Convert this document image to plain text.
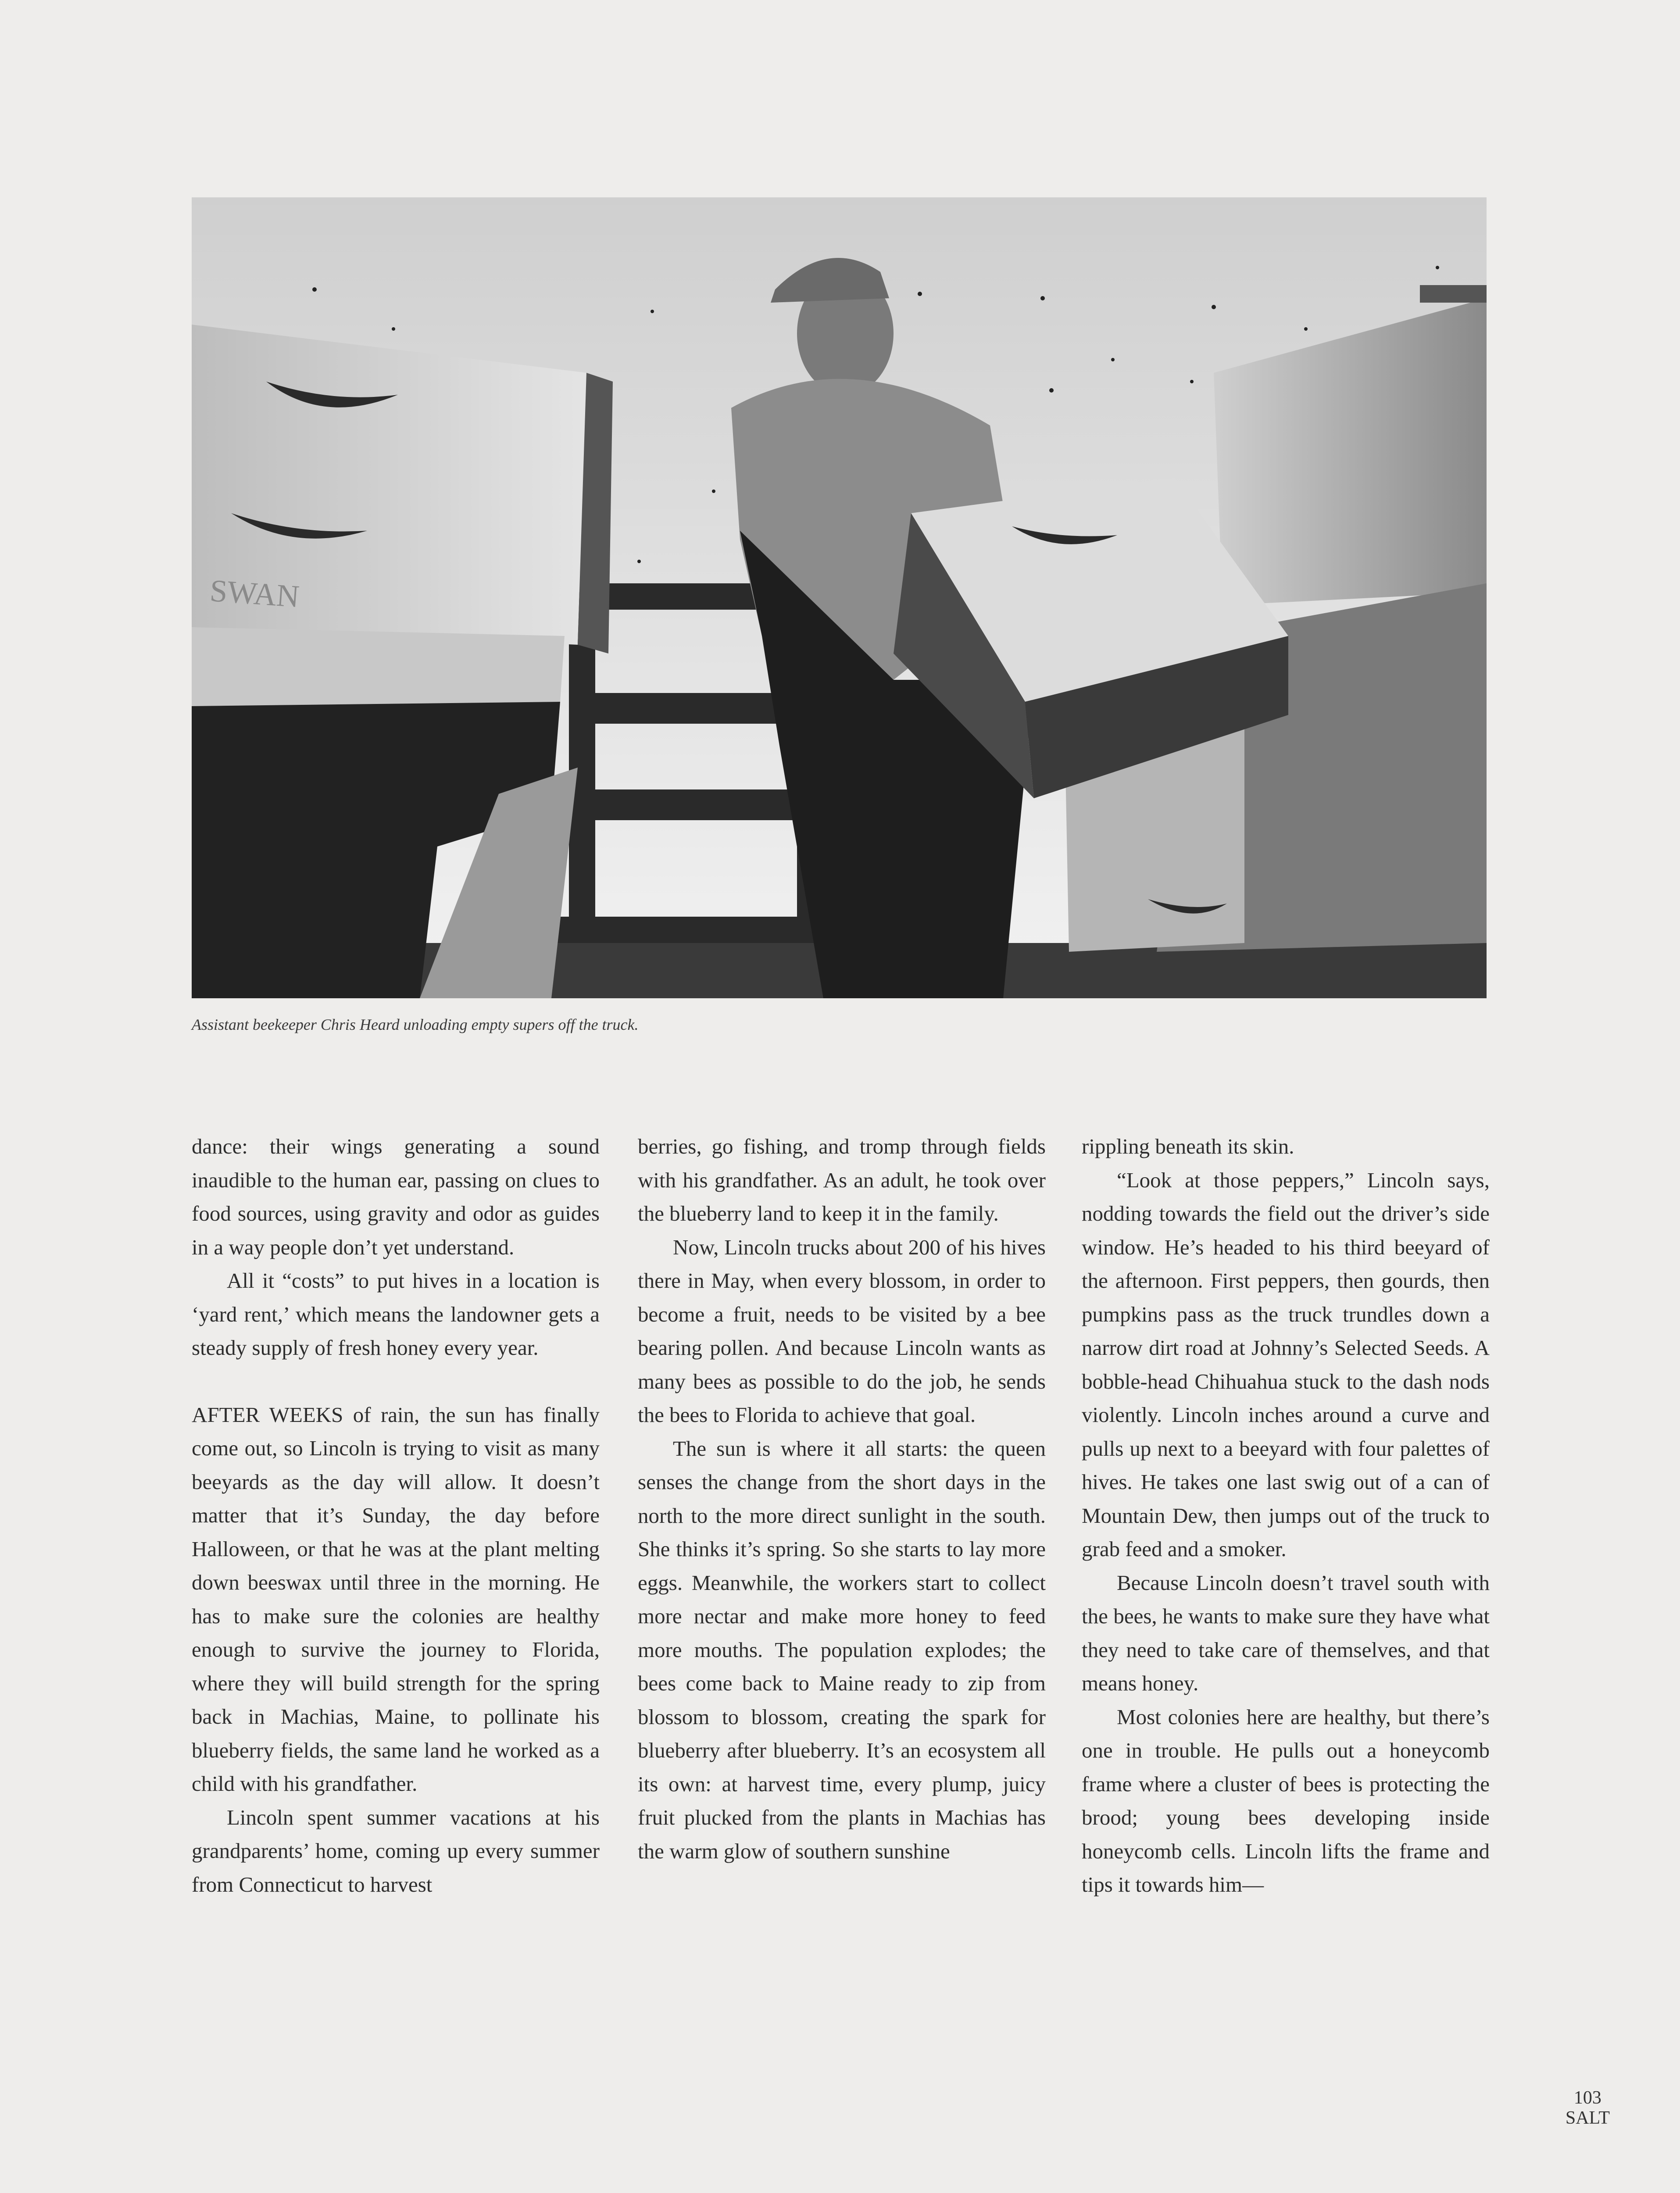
SWAN
Assistant beekeeper Chris Heard unloading empty supers off the truck.

dance: their wings generating a sound inaudible to the human ear, passing on clues to food sources, using gravity and odor as guides in a way people don’t yet understand.

All it “costs” to put hives in a location is ‘yard rent,’ which means the landowner gets a steady supply of fresh honey every year.

AFTER WEEKS of rain, the sun has finally come out, so Lincoln is trying to visit as many beeyards as the day will allow. It doesn’t matter that it’s Sunday, the day before Halloween, or that he was at the plant melting down beeswax until three in the morning. He has to make sure the colonies are healthy enough to survive the journey to Florida, where they will build strength for the spring back in Machias, Maine, to pollinate his blueberry fields, the same land he worked as a child with his grandfather.

Lincoln spent summer vacations at his grandparents’ home, coming up every summer from Connecticut to harvest

berries, go fishing, and tromp through fields with his grandfather. As an adult, he took over the blueberry land to keep it in the family.

Now, Lincoln trucks about 200 of his hives there in May, when every blossom, in order to become a fruit, needs to be visited by a bee bearing pollen. And because Lincoln wants as many bees as possible to do the job, he sends the bees to Florida to achieve that goal.

The sun is where it all starts: the queen senses the change from the short days in the north to the more direct sunlight in the south. She thinks it’s spring. So she starts to lay more eggs. Meanwhile, the workers start to collect more nectar and make more honey to feed more mouths. The population explodes; the bees come back to Maine ready to zip from blossom to blossom, creating the spark for blueberry after blueberry. It’s an ecosystem all its own: at harvest time, every plump, juicy fruit plucked from the plants in Machias has the warm glow of southern sunshine

rippling beneath its skin.

“Look at those peppers,” Lincoln says, nodding towards the field out the driver’s side window. He’s headed to his third beeyard of the afternoon. First peppers, then gourds, then pumpkins pass as the truck trundles down a narrow dirt road at Johnny’s Selected Seeds. A bobble-head Chihuahua stuck to the dash nods violently. Lincoln inches around a curve and pulls up next to a beeyard with four palettes of hives. He takes one last swig out of a can of Mountain Dew, then jumps out of the truck to grab feed and a smoker.

Because Lincoln doesn’t travel south with the bees, he wants to make sure they have what they need to take care of themselves, and that means honey.

Most colonies here are healthy, but there’s one in trouble. He pulls out a honeycomb frame where a cluster of bees is protecting the brood; young bees developing inside honeycomb cells. Lincoln lifts the frame and tips it towards him—

103
SALT
